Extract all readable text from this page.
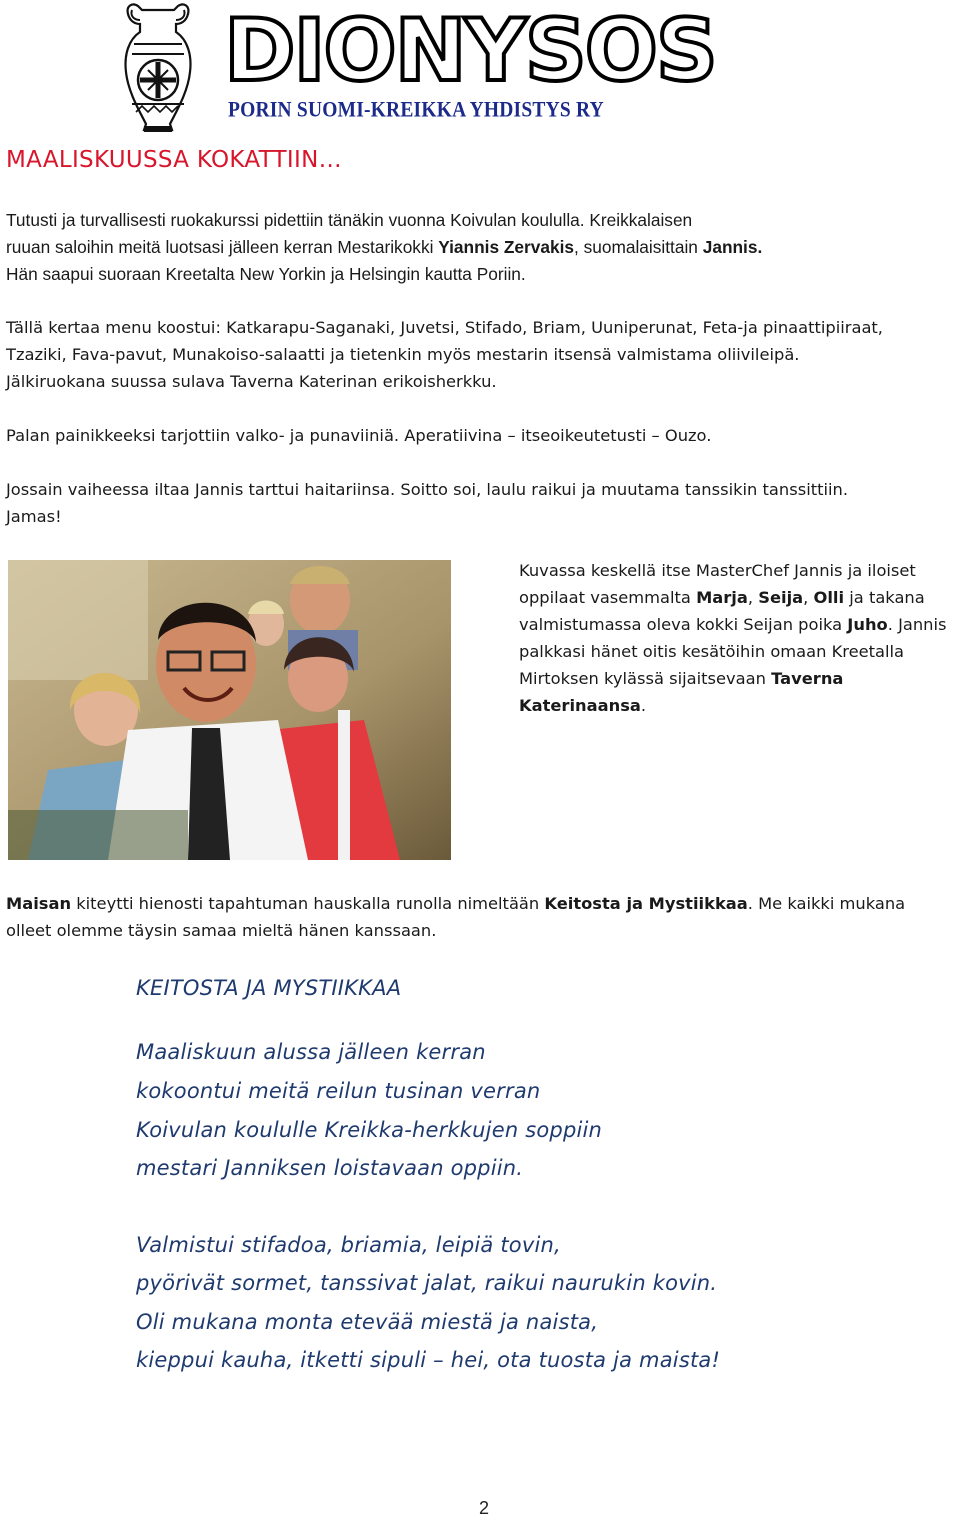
DIONYSOS
PORIN SUOMI-KREIKKA YHDISTYS RY
MAALISKUUSSA KOKATTIIN…
Tutusti ja turvallisesti ruokakurssi pidettiin tänäkin vuonna Koivulan koululla. Kreikkalaisen
ruuan saloihin meitä luotsasi jälleen kerran Mestarikokki Yiannis Zervakis, suomalaisittain Jannis.
Hän saapui suoraan Kreetalta New Yorkin ja Helsingin kautta Poriin.
Tällä kertaa menu koostui: Katkarapu-Saganaki, Juvetsi, Stifado, Briam, Uuniperunat, Feta-ja pinaattipiiraat,
Tzaziki, Fava-pavut, Munakoiso-salaatti ja tietenkin myös mestarin itsensä valmistama oliivileipä.
Jälkiruokana suussa sulava Taverna Katerinan erikoisherkku.
Palan painikkeeksi tarjottiin valko- ja punaviiniä. Aperatiivina – itseoikeutetusti – Ouzo.
Jossain vaiheessa iltaa Jannis tarttui haitariinsa. Soitto soi, laulu raikui ja muutama tanssikin tanssittiin.
Jamas!
Kuvassa keskellä itse MasterChef Jannis ja iloiset oppilaat vasemmalta Marja, Seija, Olli ja takana valmistumassa oleva kokki Seijan poika Juho. Jannis palkkasi hänet oitis kesätöihin omaan Kreetalla Mirtoksen kylässä sijaitsevaan Taverna Katerinaansa.
Maisan kiteytti hienosti tapahtuman hauskalla runolla nimeltään Keitosta ja Mystiikkaa. Me kaikki mukana
olleet olemme täysin samaa mieltä hänen kanssaan.
KEITOSTA JA MYSTIIKKAA
Maaliskuun alussa jälleen kerran
kokoontui meitä reilun tusinan verran
Koivulan koululle Kreikka-herkkujen soppiin
mestari Janniksen loistavaan oppiin.
Valmistui stifadoa, briamia, leipiä tovin,
pyörivät sormet, tanssivat jalat, raikui naurukin kovin.
Oli mukana monta etevää miestä ja naista,
kieppui kauha, itketti sipuli – hei, ota tuosta ja maista!
2
